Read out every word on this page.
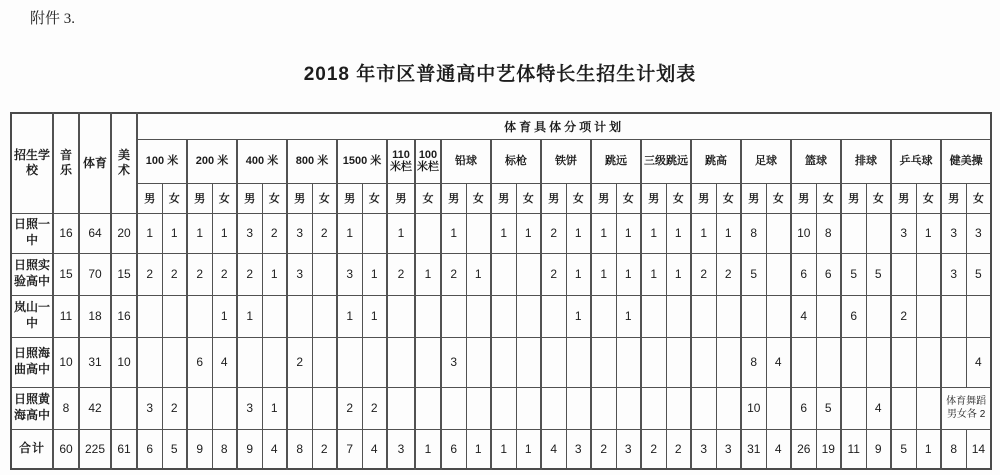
附件 3.
2018 年市区普通高中艺体特长生招生计划表
招生学校	音乐	体育	美术	体育具体分项计划																																	
				100 米		200 米		400 米		800 米		1500 米		110米栏	100米栏	铅球		标枪		铁饼		跳远		三级跳远		跳高		足球		篮球		排球		乒乓球		健美操	
				男	女	男	女	男	女	男	女	男	女	男	女	男	女	男	女	男	女	男	女	男	女	男	女	男	女	男	女	男	女	男	女	男	女
日照一中	16	64	20	1	1	1	1	3	2	3	2	1		1		1		1	1	2	1	1	1	1	1	1	1	8		10	8			3	1	3	3
日照实验高中	15	70	15	2	2	2	2	2	1	3		3	1	2	1	2	1			2	1	1	1	1	1	2	2	5		6	6	5	5			3	5
岚山一中	11	18	16				1	1				1	1								1		1							4		6		2			
日照海曲高中	10	31	10			6	4			2						3												8	4								4
日照黄海高中	8	42		3	2			3	1			2	2															10		6	5		4			体育舞蹈男女各 2	
合计	60	225	61	6	5	9	8	9	4	8	2	7	4	3	1	6	1	1	1	4	3	2	3	2	2	3	3	31	4	26	19	11	9	5	1	8	14
